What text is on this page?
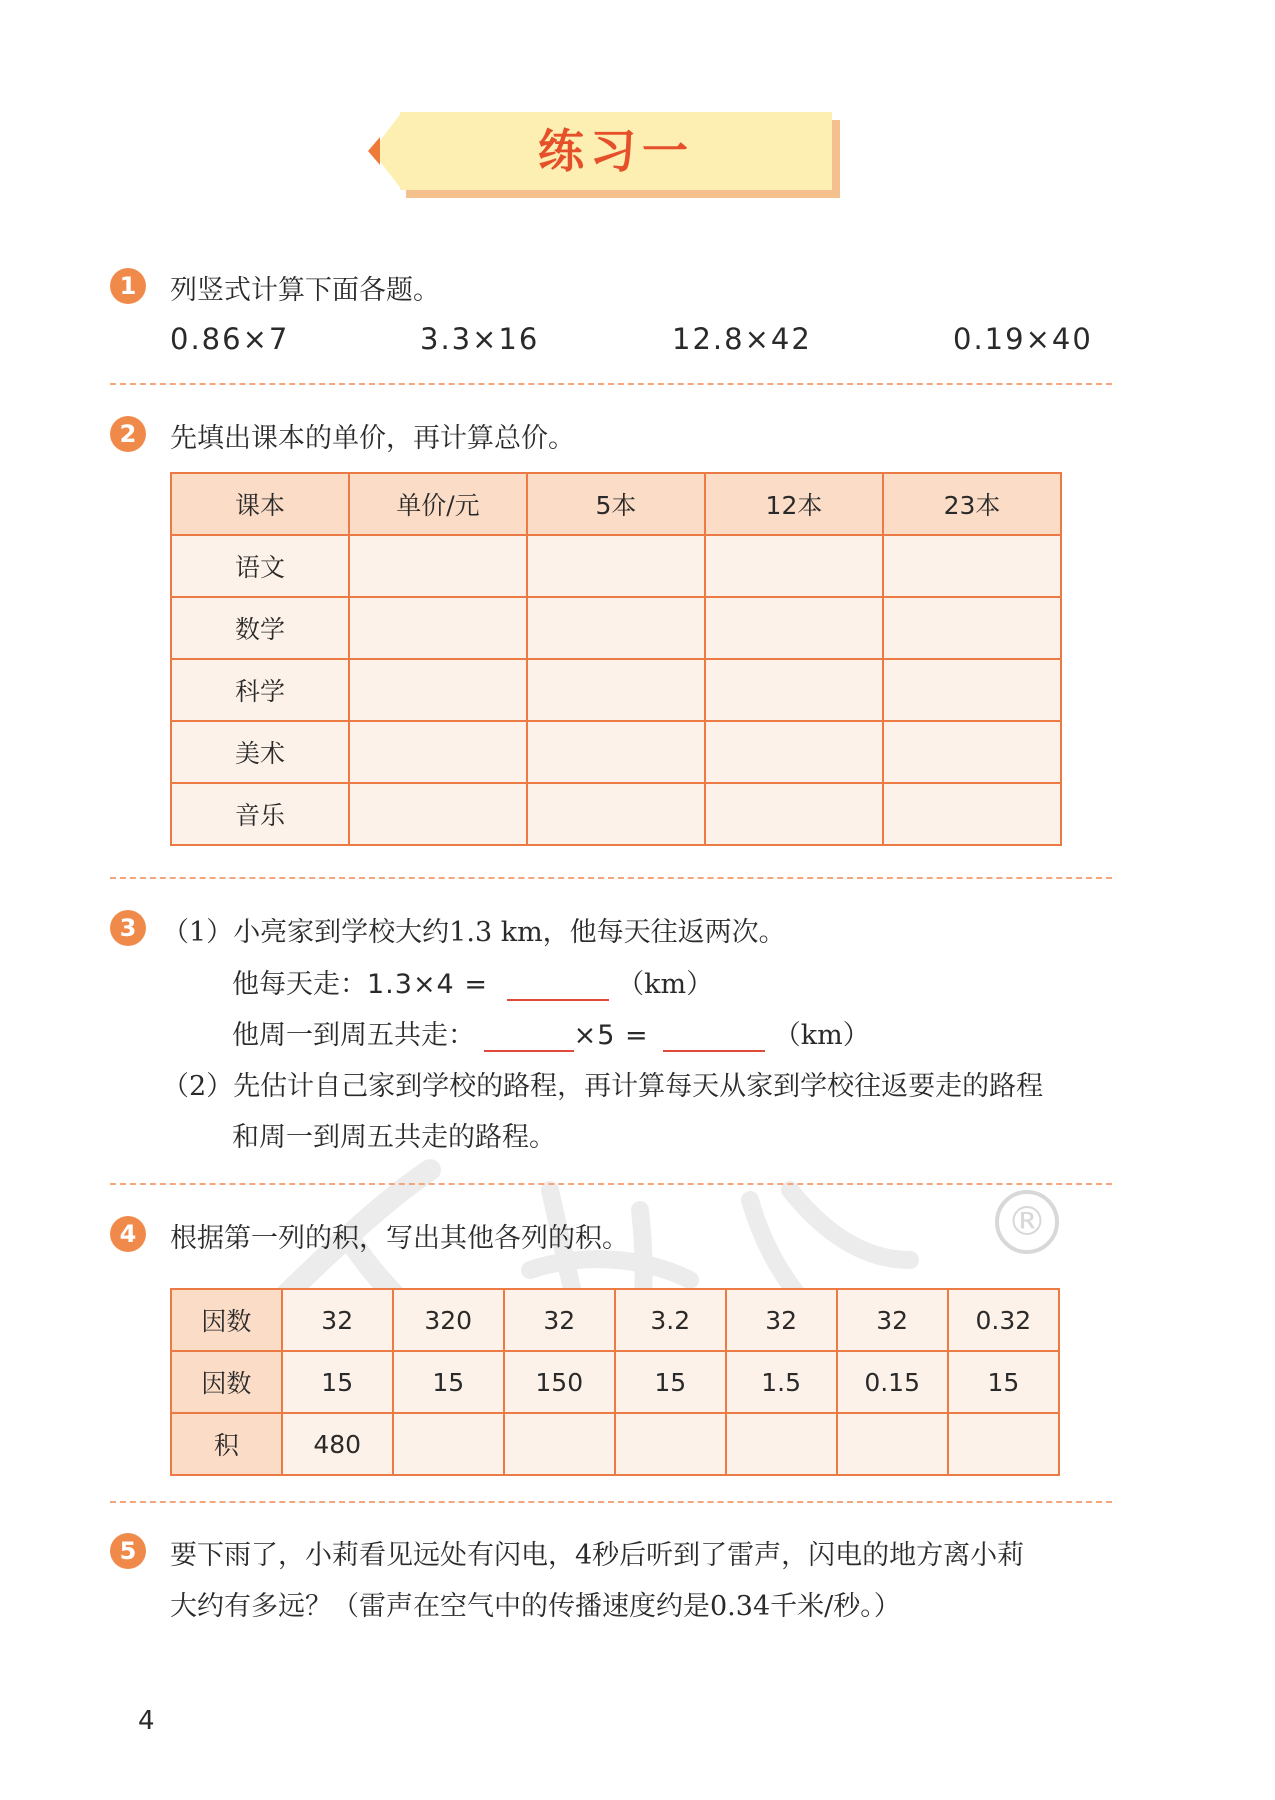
®
练习一
1	列竖式计算下面各题。
0.86×7	3.3×16	12.8×42	0.19×40
2	先填出课本的单价，再计算总价。
课本	单价/元	5本	12本	23本
语文				
数学				
科学				
美术				
音乐				
3 （1）小亮家到学校大约1.3 km，他每天往返两次。
他每天走：1.3×4 =	（km）
他周一到周五共走：	×5 =	（km）
（2）先估计自己家到学校的路程，再计算每天从家到学校往返要走的路程
和周一到周五共走的路程。
4	根据第一列的积，写出其他各列的积。
因数	32	320	32	3.2	32	32	0.32
因数	15	15	150	15	1.5	0.15	15
积	480						
5	要下雨了，小莉看见远处有闪电，4秒后听到了雷声，闪电的地方离小莉
大约有多远？（雷声在空气中的传播速度约是0.34千米/秒。）
4
